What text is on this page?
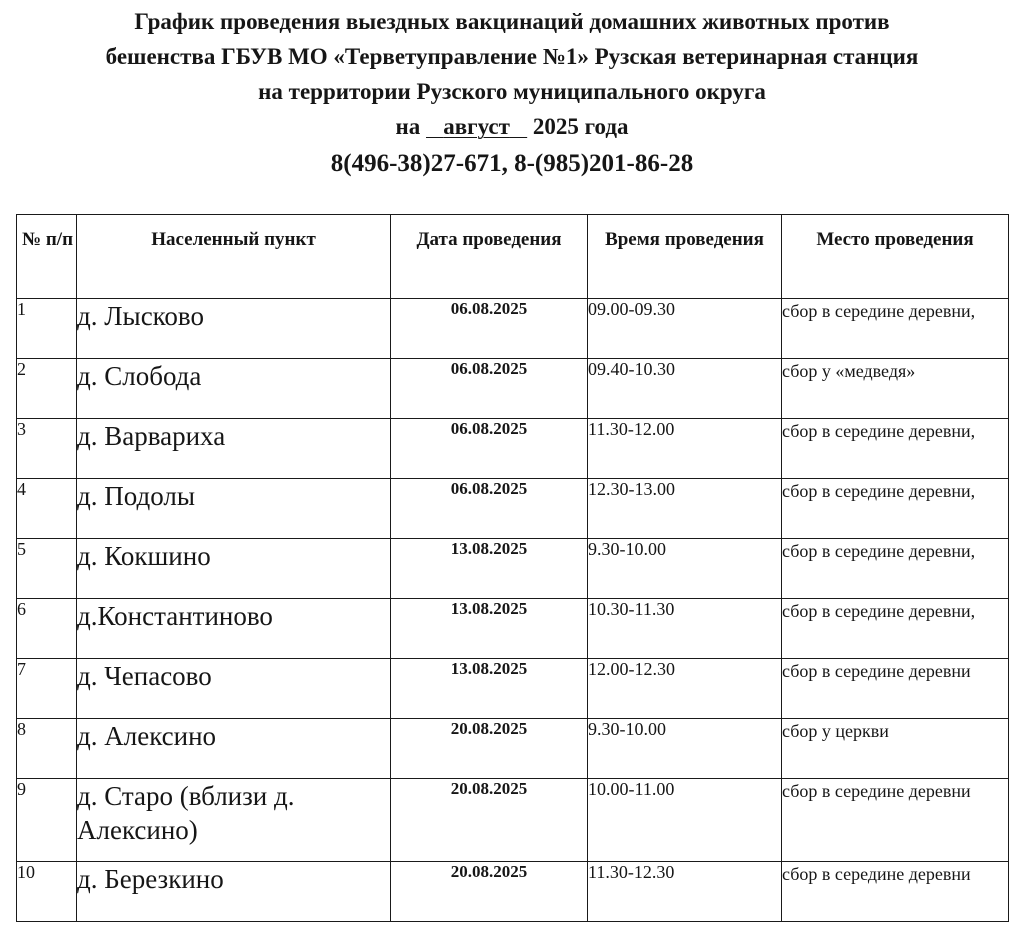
График проведения выездных вакцинаций домашних животных против
бешенства ГБУВ МО «Терветуправление №1» Рузская ветеринарная станция
на территории Рузского муниципального округа
на    август    2025 года
8(496-38)27-671, 8-(985)201-86-28
№ п/п	Населенный пункт	Дата проведения	Время проведения	Место проведения
1	д. Лысково	06.08.2025	09.00-09.30	сбор в середине деревни,
2	д. Слобода	06.08.2025	09.40-10.30	сбор у «медведя»
3	д. Варвариха	06.08.2025	11.30-12.00	сбор в середине деревни,
4	д. Подолы	06.08.2025	12.30-13.00	сбор в середине деревни,
5	д. Кокшино	13.08.2025	9.30-10.00	сбор в середине деревни,
6	д.Константиново	13.08.2025	10.30-11.30	сбор в середине деревни,
7	д. Чепасово	13.08.2025	12.00-12.30	сбор в середине деревни
8	д. Алексино	20.08.2025	9.30-10.00	сбор у церкви
9	д. Старо (вблизи д. Алексино)	20.08.2025	10.00-11.00	сбор в середине деревни
10	д. Березкино	20.08.2025	11.30-12.30	сбор в середине деревни
